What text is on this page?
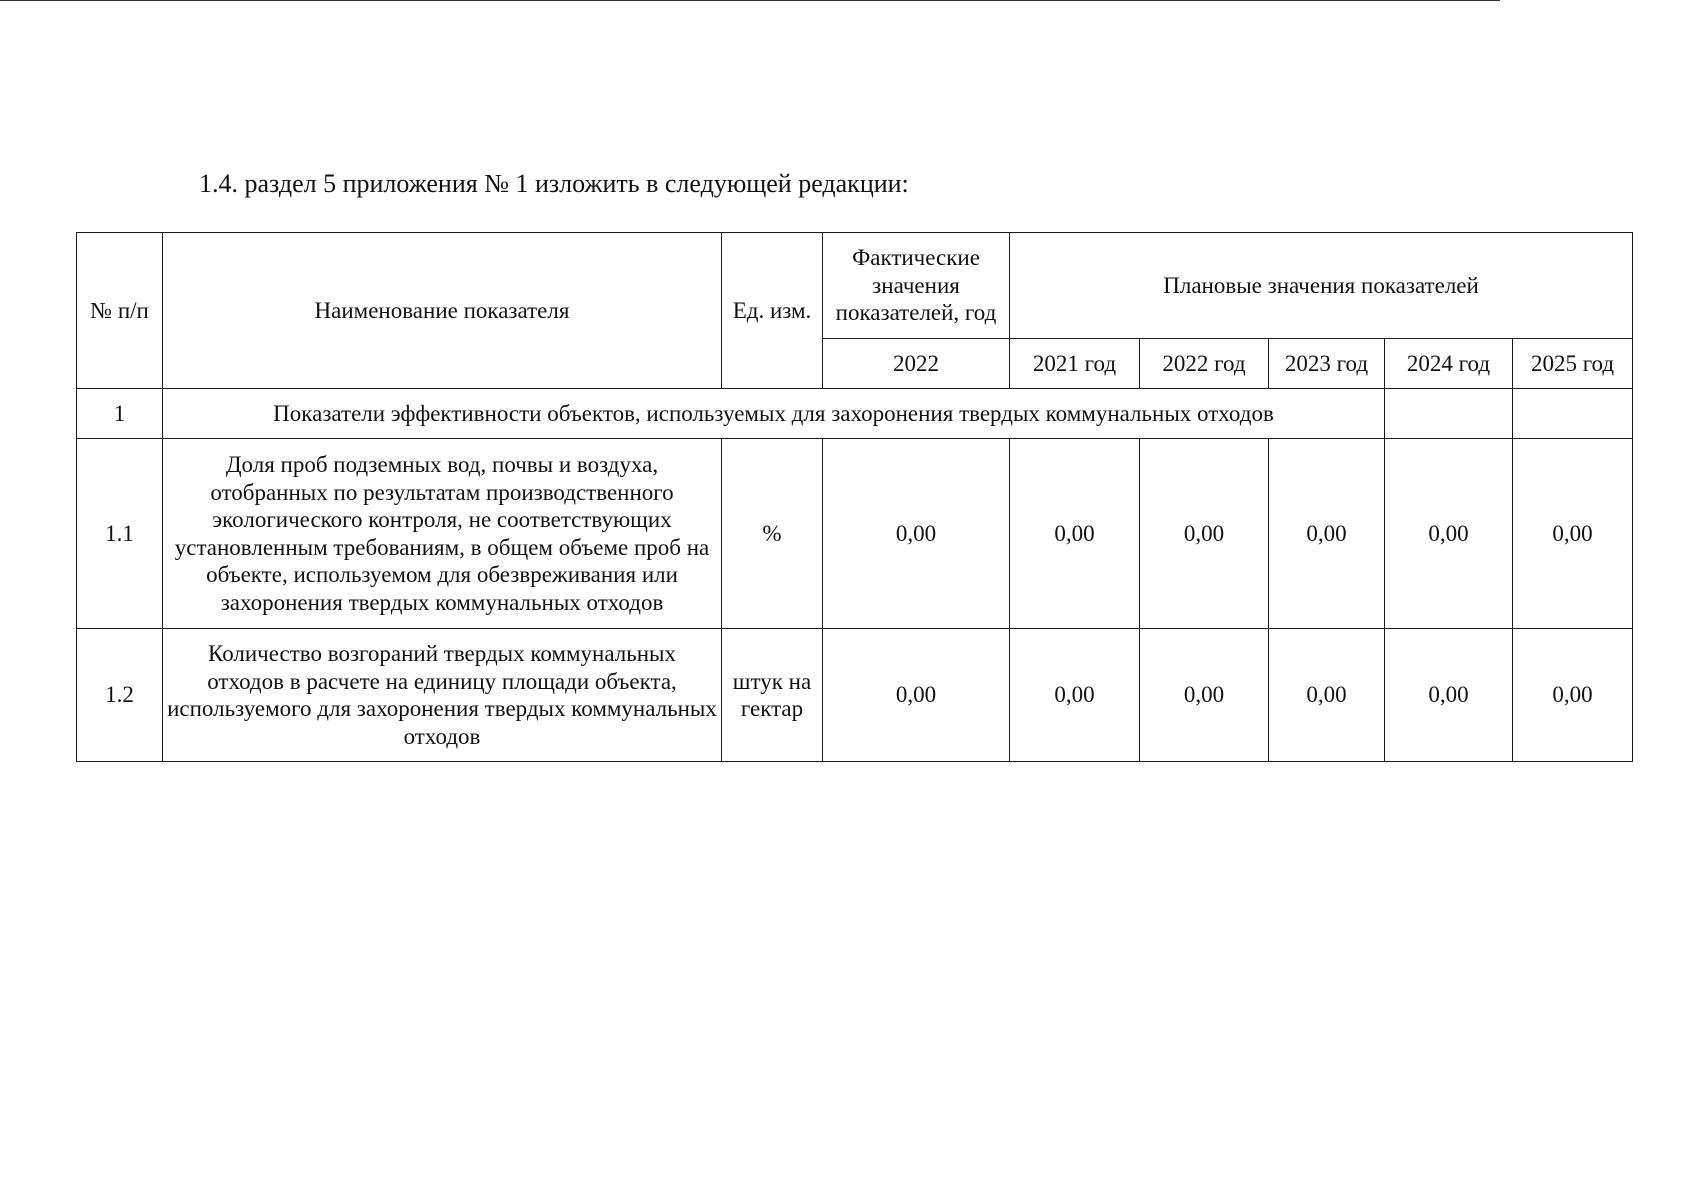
1.4. раздел 5 приложения № 1 изложить в следующей редакции:
№ п/п	Наименование показателя	Ед. изм.	Фактические значения показателей, год	Плановые значения показателей				
			2022	2021 год	2022 год	2023 год	2024 год	2025 год
1	Показатели эффективности объектов, используемых для захоронения твердых коммунальных отходов							
1.1	Доля проб подземных вод, почвы и воздуха, отобранных по результатам производственного экологического контроля, не соответствующих установленным требованиям, в общем объеме проб на объекте, используемом для обезвреживания или захоронения твердых коммунальных отходов	%	0,00	0,00	0,00	0,00	0,00	0,00
1.2	Количество возгораний твердых коммунальных отходов в расчете на единицу площади объекта, используемого для захоронения твердых коммунальных отходов	штук на гектар	0,00	0,00	0,00	0,00	0,00	0,00
